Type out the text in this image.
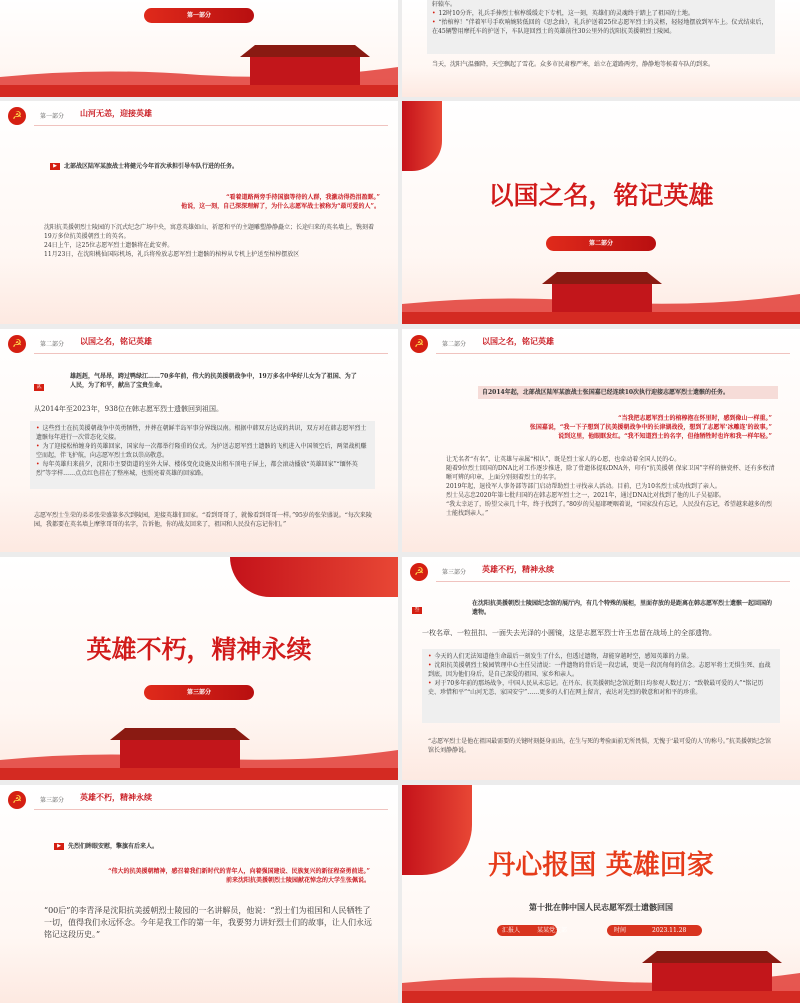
第一部分
轩辕车。
• 12时10分许，礼兵手捧烈士棺椁缓缓走下专机，这一刻，英雄们的灵魂终于踏上了祖国的土地。
• “抬棺椁！”伴着军号手吹响婉转低回的《思念曲》，礼兵护送着25位志愿军烈士的灵柩，轻轻地摆放到军车上。仪式结束后，在45辆警用摩托车的护送下，车队迎回烈士的英雄前往30公里外的沈阳抗美援朝烈士陵园。
当天，沈阳气温骤降，天空飘起了雪花。众多市民肃穆严寒，站立在道路两旁，静静地等候着车队的到来。
☭	第一部分 山河无恙，迎接英雄
▶	北部战区陆军某旅战士将健元今年首次承担引导车队行进的任务。
“看着道路两旁手持国旗等待的人群，我激动得热泪盈眶。”
他说，这一刻，自己深深理解了，为什么志愿军战士被称为“最可爱的人”。
沈阳抗美援朝烈士陵园的下沉式纪念广场中央，寓意英雄如山、祈愿和平的主题雕塑静静矗立；长途归来的英名墙上，镌刻着19万多位抗美援朝烈士的英名。
24日上午，这25位志愿军烈士遗骸将在此安葬。
11月23日，在沈阳桃仙国际机场，礼兵将殓放志愿军烈士遗骸的棺椁从专机上护送至棺椁摆放区
以国之名，铭记英雄
第二部分
☭	第二部分 以国之名，铭记英雄
贰
雄赳赳，气昂昂，跨过鸭绿江……70多年前，伟大的抗美援朝战争中，19万多名中华好儿女为了祖国、为了人民，为了和平，献出了宝贵生命。
从2014年至2023年，938位在韩志愿军烈士遗骸回到祖国。
• 这些烈士在抗美援朝战争中英勇牺牲，并葬在朝鲜半岛军事分界线以南。根据中韩双方达成的共识，双方对在韩志愿军烈士遗骸每年进行一次常态化交接。
• 为了迎接松柏缠身的英雄回家，国家每一次都举行隆重的仪式。为护送志愿军烈士遗骸的飞机进入中国领空后，两架战机赚空而起，伴飞护航，向志愿军烈士致以崇高敬意。
• 每年英雄归来前夕，沈阳市主要街道的室外大屏、楼体变化设施及出租车顶电子屏上，都会滚动播放“英雄回家”“缅怀英烈”等字样……点点红色挂在了整座城，也照亮着英雄的回家路。
志愿军烈士生荣的弟弟张荣盛第多次到陵园，迎接英雄们回家。“看到哥哥了，就像看到哥哥一样。”95岁的张荣盛说。“每次来陵园，我都要在英名墙上摩挲哥哥的名字，告诉他，你的战友回来了，祖国和人民没有忘记你们。”
☭	第二部分 以国之名，铭记英雄
自2014年起，北部战区陆军某旅战士张国嘉已经连续10次执行迎接志愿军烈士遗骸的任务。
“当我把志愿军烈士的棺椁抱在怀里时，感到像山一样重。”
张国嘉说，“我一下子想到了抗美援朝战争中的长津湖战役，想到了志愿军‘冰雕连’的故事。”
说到这里，他眼眶发红。“我不知道烈士的名字，但他牺牲时也许和我一样年轻。”
让无名者“有名”，让英雄与亲属“相认”，既是烈士家人的心愿，也牵动着全国人民的心。
随着9位烈士回国的DNA比对工作逐步推进，除了骨遗体提取DNA外，印有“抗美援朝 保家卫国”字样的搪瓷杯、还有多枚清晰可辨的印章，上面分别刻着烈士的名字。
2019年起，退役军人事务部等部门启动帮助烈士寻找亲人活动。目前，已为10名烈士成功找到了亲人。
烈士吴志忠2020年第七批归国的在韩志愿军烈士之一，2021年，通过DNA比对找到了他的儿子吴福耶。
“我太幸运了，盼望父亲几十年，终于找到了。”80岁的吴福耶哽咽着说，“国家没有忘记，人民没有忘记，希望越来越多的烈士能找到亲人。”
英雄不朽，精神永续
第三部分
☭	第三部分 英雄不朽，精神永续
叁
在沈阳抗美援朝烈士陵园纪念馆的展厅内，有几个特殊的展柜，里面存放的是距离在韩志愿军烈士遗骸一起回国的遗物。
一枚名章、一粒扭扣、一面失去光泽的小圆镜，这是志愿军烈士许玉忠留在战场上的全部遗物。
• 今天的人们无法知道他生命最后一刻发生了什么，但透过遗物，却能穿越时空，感知英雄的力量。
• 沈阳抗美援朝烈士陵园管理中心主任吴清说：一件遗物的背后是一段忠诚，更是一段沉甸甸的信念。志愿军将士无惧生死、血战到底，因为他们身后，是自己深爱的祖国、家乡和亲人。
• 对于70多年前的那场战争，中国人民从未忘记。在丹东、抗美援朝纪念馆近期日均参观人数过万；“致敬最可爱的人”“铭记历史、珍惜和平”“山河无恙、家国安宁”……更多的人们在网上留言，表达对先烈的敬意和对和平的珍重。
“志愿军烈士是他在祖国最需要的关键时刻挺身而出，在生与死的考验面前无所畏惧，无愧于‘最可爱的人’的称号。”抗美援朝纪念馆馆长刘静静说。
☭	第三部分 英雄不朽，精神永续
▶	先烈们眸眼安慰，擎旗有后来人。
“伟大的抗美援朝精神，感召着我们新时代的青年人，向着强国建设、民族复兴的新征程奋勇前进。”
前来沈阳抗美援朝烈士陵园献花悼念的大学生张佩说。
“00后”的李青泽是沈阳抗美援朝烈士陵园的一名讲解员，他说：“烈士们为祖国和人民牺牲了一切，值得我们永远怀念。今年是我工作的第一年，我要努力讲好烈士们的故事，让人们永远铭记这段历史。”
丹心报国 英雄回家
第十批在韩中国人民志愿军烈士遗骸回国
汇报人	某某党支部	时间	2023.11.28
